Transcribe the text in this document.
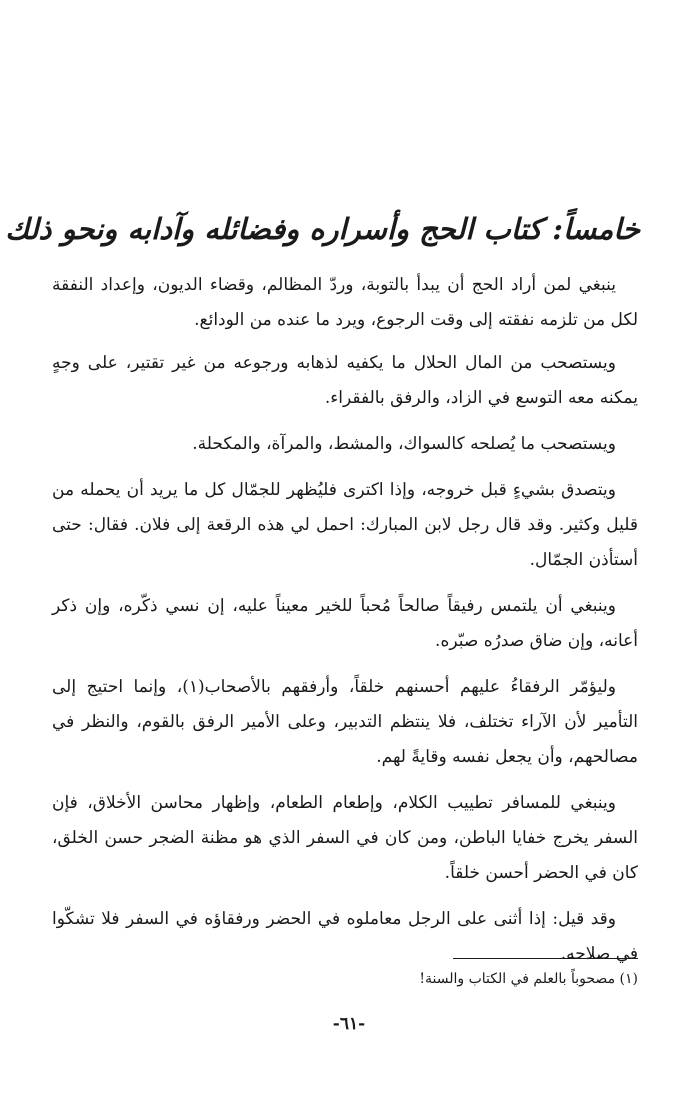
خامساً: كتاب الحج وأسراره وفضائله وآدابه ونحو ذلك

ينبغي لمن أراد الحج أن يبدأ بالتوبة، وردّ المظالم، وقضاء الديون، وإعداد النفقة لكل من تلزمه نفقته إلى وقت الرجوع، ويرد ما عنده من الودائع.

ويستصحب من المال الحلال ما يكفيه لذهابه ورجوعه من غير تقتير، على وجهٍ يمكنه معه التوسع في الزاد، والرفق بالفقراء.

ويستصحب ما يُصلحه كالسواك، والمشط، والمرآة، والمكحلة.

ويتصدق بشيءٍ قبل خروجه، وإذا اكترى فليُظهر للجمّال كل ما يريد أن يحمله من قليل وكثير. وقد قال رجل لابن المبارك: احمل لي هذه الرقعة إلى فلان. فقال: حتى أستأذن الجمّال.

وينبغي أن يلتمس رفيقاً صالحاً مُحباً للخير معيناً عليه، إن نسي ذكّره، وإن ذكر أعانه، وإن ضاق صدرُه صبّره.

وليؤمّر الرفقاءُ عليهم أحسنهم خلقاً، وأرفقهم بالأصحاب(١)، وإنما احتيج إلى التأمير لأن الآراء تختلف، فلا ينتظم التدبير، وعلى الأمير الرفق بالقوم، والنظر في مصالحهم، وأن يجعل نفسه وقايةً لهم.

وينبغي للمسافر تطييب الكلام، وإطعام الطعام، وإظهار محاسن الأخلاق، فإن السفر يخرج خفايا الباطن، ومن كان في السفر الذي هو مظنة الضجر حسن الخلق، كان في الحضر أحسن خلقاً.

وقد قيل: إذا أثنى على الرجل معاملوه في الحضر ورفقاؤه في السفر فلا تشكّوا في صلاحه.

(١) مصحوباً بالعلم في الكتاب والسنة!
-٦١-
